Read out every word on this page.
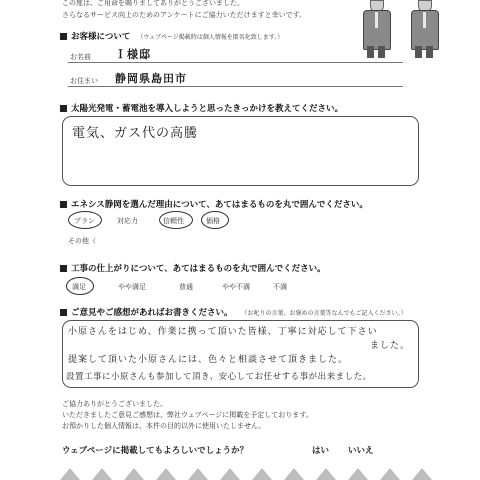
この度は、ご用命を賜りましてありがとうございました。
さらなるサービス向上のためのアンケートにご協力いただけますと幸いです。
お客様について （ウェブページ掲載時は個人情報を匿名化致します。）
お名前 Ｉ様邸
お住まい 静岡県島田市
太陽光発電・蓄電池を導入しようと思ったきっかけを教えてください。
電気、ガス代の高騰
エネシス静岡を選んだ理由について、あてはまるものを丸で囲んでください。
プラン	対応力	信頼性	価格
その他（
工事の仕上がりについて、あてはまるものを丸で囲んでください。
満足	やや満足	普通	やや不満	不満
ご意見やご感想があればお書きください。 （お叱りの言葉、お褒めの言葉等なんでもご記入ください。）
小原さんをはじめ、作業に携って頂いた皆様、丁寧に対応して下さい
ました。
提案して頂いた小原さんには、色々と相談させて頂きました。
設置工事に小原さんも参加して頂き、安心してお任せする事が出来ました。
ご協力ありがとうございました。
いただきましたご意見ご感想は、弊社ウェブページに掲載を予定しております。
お預かりした個人情報は、本件の目的以外に使用いたしません。
ウェブページに掲載してもよろしいでしょうか？	はい いいえ
